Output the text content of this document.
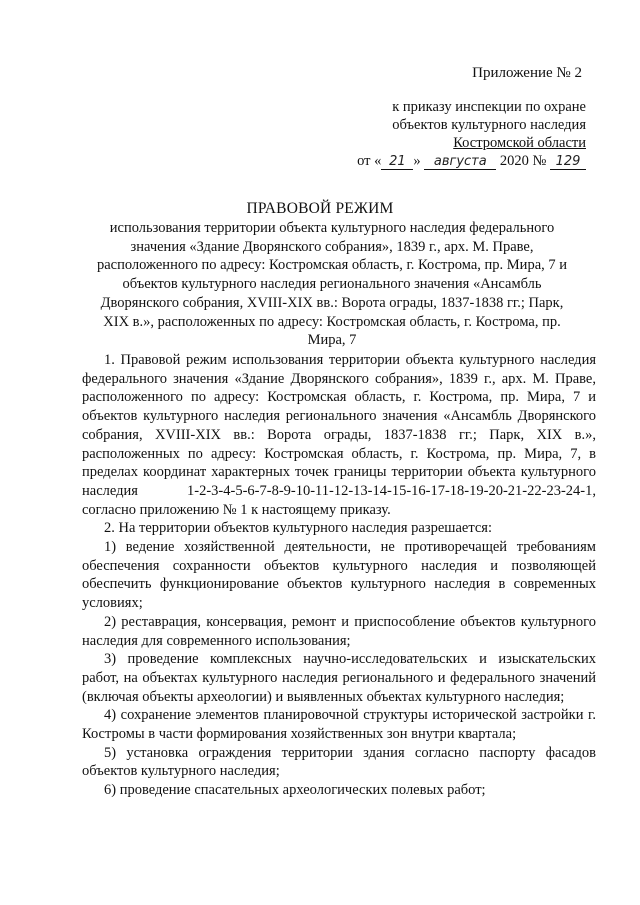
Приложение № 2
к приказу инспекции по охране
объектов культурного наследия
Костромской области
от « 21 » августа 2020 № 129
ПРАВОВОЙ РЕЖИМ
использования территории объекта культурного наследия федерального значения «Здание Дворянского собрания», 1839 г., арх. М. Праве, расположенного по адресу: Костромская область, г. Кострома, пр. Мира, 7 и объектов культурного наследия регионального значения «Ансамбль Дворянского собрания, XVIII-XIX вв.: Ворота ограды, 1837-1838 гг.; Парк, XIX в.», расположенных по адресу: Костромская область, г. Кострома, пр. Мира, 7

1. Правовой режим использования территории объекта культурного наследия федерального значения «Здание Дворянского собрания», 1839 г., арх. М. Праве, расположенного по адресу: Костромская область, г. Кострома, пр. Мира, 7 и объектов культурного наследия регионального значения «Ансамбль Дворянского собрания, XVIII-XIX вв.: Ворота ограды, 1837-1838 гг.; Парк, XIX в.», расположенных по адресу: Костромская область, г. Кострома, пр. Мира, 7, в пределах координат характерных точек границы территории объекта культурного наследия 1-2-3-4-5-6-7-8-9-10-11-12-13-14-15-16-17-18-19-20-21-22-23-24-1, согласно приложению № 1 к настоящему приказу.

2. На территории объектов культурного наследия разрешается:

1) ведение хозяйственной деятельности, не противоречащей требованиям обеспечения сохранности объектов культурного наследия и позволяющей обеспечить функционирование объектов культурного наследия в современных условиях;

2) реставрация, консервация, ремонт и приспособление объектов культурного наследия для современного использования;

3) проведение комплексных научно-исследовательских и изыскательских работ, на объектах культурного наследия регионального и федерального значений (включая объекты археологии) и выявленных объектах культурного наследия;

4) сохранение элементов планировочной структуры исторической застройки г. Костромы в части формирования хозяйственных зон внутри квартала;

5) установка ограждения территории здания согласно паспорту фасадов объектов культурного наследия;

6) проведение спасательных археологических полевых работ;
